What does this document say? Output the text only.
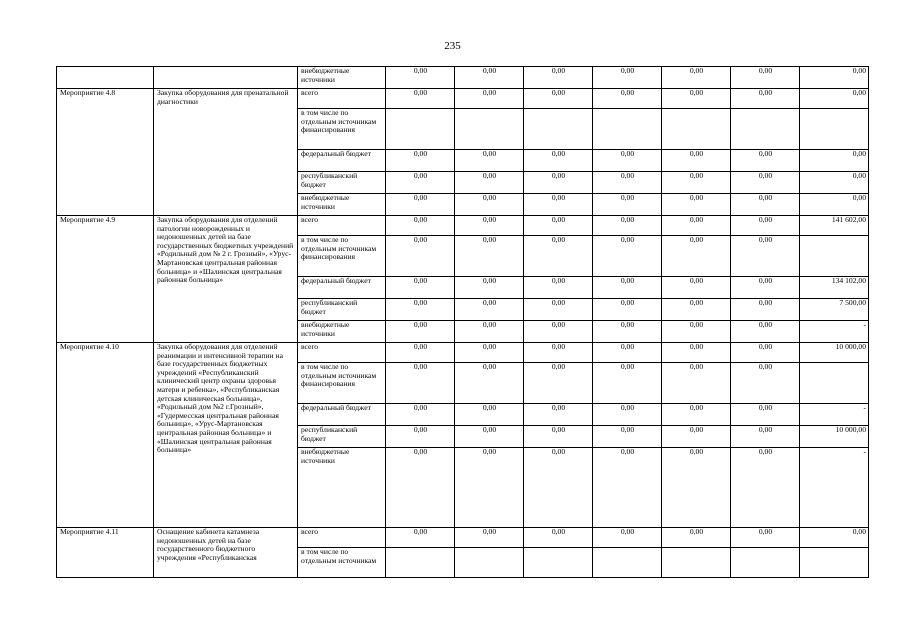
235
		внебюджетные источники	0,00	0,00	0,00	0,00	0,00	0,00	0,00
Мероприятие 4.8	Закупка оборудования для пренатальной диагностики	всего	0,00	0,00	0,00	0,00	0,00	0,00	0,00
		в том числе по отдельным источникам финансирования							
		федеральный бюджет	0,00	0,00	0,00	0,00	0,00	0,00	0,00
		республиканский бюджет	0,00	0,00	0,00	0,00	0,00	0,00	0,00
		внебюджетные источники	0,00	0,00	0,00	0,00	0,00	0,00	0,00
Мероприятие 4.9	Закупка оборудования для отделений патологии новорожденных и недоношенных детей на базе государственных бюджетных учреждений «Родильный дом № 2 г. Грозный», «Урус-Мартановская центральная районная больница» и «Шалинская центральная районная больница»	всего	0,00	0,00	0,00	0,00	0,00	0,00	141 602,00
		в том числе по отдельным источникам финансирования	0,00	0,00	0,00	0,00	0,00	0,00	
		федеральный бюджет	0,00	0,00	0,00	0,00	0,00	0,00	134 102,00
		республиканский бюджет	0,00	0,00	0,00	0,00	0,00	0,00	7 500,00
		внебюджетные источники	0,00	0,00	0,00	0,00	0,00	0,00	-
Мероприятие 4.10	Закупка оборудования для отделений реанимации и интенсивной терапии на базе государственных бюджетных учреждений «Республиканский клинический центр охраны здоровья матери и ребенка», «Республиканская детская клиническая больница», «Родильный дом №2 г.Грозный», «Гудермесская центральная районная больница», «Урус-Мартановская центральная районная больница» и «Шалинская центральная районная больница»	всего	0,00	0,00	0,00	0,00	0,00	0,00	10 000,00
		в том числе по отдельным источникам финансирования	0,00	0,00	0,00	0,00	0,00	0,00	
		федеральный бюджет	0,00	0,00	0,00	0,00	0,00	0,00	-
		республиканский бюджет	0,00	0,00	0,00	0,00	0,00	0,00	10 000,00
		внебюджетные источники	0,00	0,00	0,00	0,00	0,00	0,00	-
Мероприятие 4.11	Оснащение кабинета катамнеза недоношенных детей на базе государственного бюджетного учреждения «Республиканская	всего	0,00	0,00	0,00	0,00	0,00	0,00	0,00
		в том числе по отдельным источникам							
